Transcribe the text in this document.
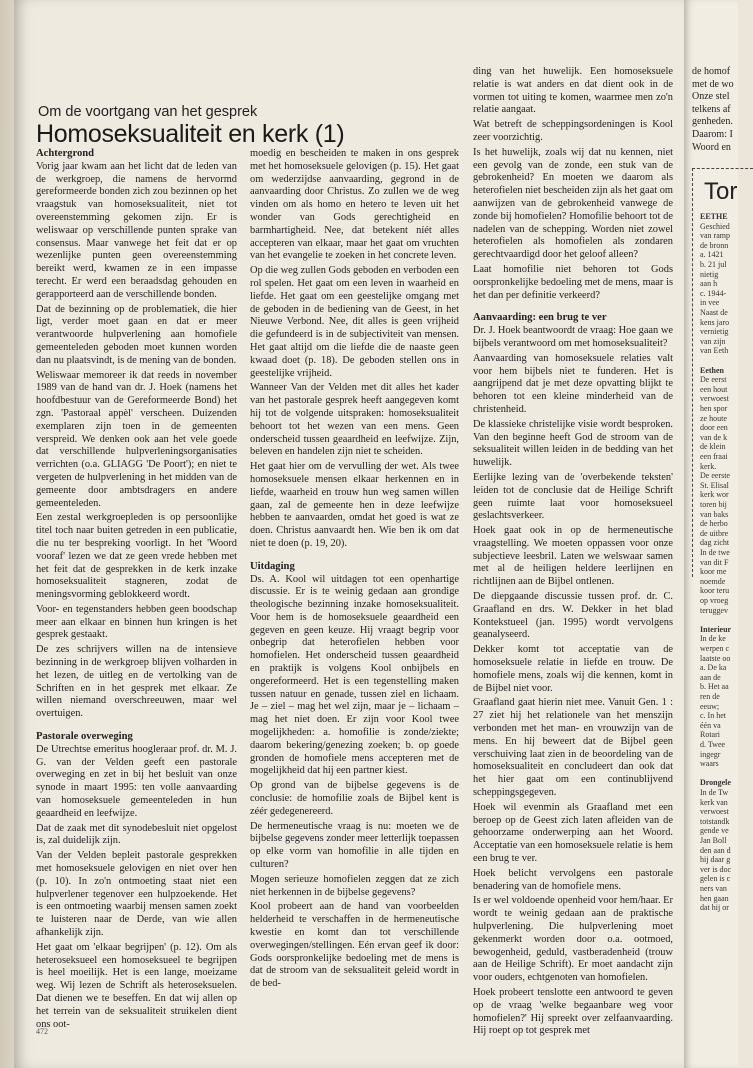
Om de voortgang van het gesprek
Homoseksualiteit en kerk (1)
Achtergrond

Vorig jaar kwam aan het licht dat de leden van de werkgroep, die namens de hervormd gereformeerde bonden zich zou bezinnen op het vraagstuk van homoseksualiteit, niet tot overeenstemming gekomen zijn. Er is weliswaar op verschillende punten sprake van consensus. Maar vanwege het feit dat er op wezenlijke punten geen overeenstemming bereikt werd, kwamen ze in een impasse terecht. Er werd een beraadsdag gehouden en gerapporteerd aan de verschillende bonden.

Dat de bezinning op de problematiek, die hier ligt, verder moet gaan en dat er meer verantwoorde hulpverlening aan homofiele gemeenteleden geboden moet kunnen worden dan nu plaatsvindt, is de mening van de bonden.

Weliswaar memoreer ik dat reeds in november 1989 van de hand van dr. J. Hoek (namens het hoofdbestuur van de Gereformeerde Bond) het zgn. 'Pastoraal appèl' verscheen. Duizenden exemplaren zijn toen in de gemeenten verspreid. We denken ook aan het vele goede dat verschillende hulpverleningsorganisaties verrichten (o.a. GLIAGG 'De Poort'); en niet te vergeten de hulpverlening in het midden van de gemeente door ambtsdragers en andere gemeenteleden.

Een zestal werkgroepleden is op persoonlijke titel toch naar buiten getreden in een publicatie, die nu ter bespreking voorligt. In het 'Woord vooraf' lezen we dat ze geen vrede hebben met het feit dat de gesprekken in de kerk inzake homoseksualiteit stagneren, zodat de meningsvorming geblokkeerd wordt.

Voor- en tegenstanders hebben geen boodschap meer aan elkaar en binnen hun kringen is het gesprek gestaakt.

De zes schrijvers willen na de intensieve bezinning in de werkgroep blijven volharden in het lezen, de uitleg en de vertolking van de Schriften en in het gesprek met elkaar. Ze willen niemand overschreeuwen, maar wel overtuigen.

Pastorale overweging

De Utrechtse emeritus hoogleraar prof. dr. M. J. G. van der Velden geeft een pastorale overweging en zet in bij het besluit van onze synode in maart 1995: ten volle aanvaarding van homoseksuele gemeenteleden in hun geaardheid en leefwijze.

Dat de zaak met dit synodebesluit niet opgelost is, zal duidelijk zijn.

Van der Velden bepleit pastorale gesprekken met homoseksuele gelovigen en niet over hen (p. 10). In zo'n ontmoeting staat niet een hulpverlener tegenover een hulpzoekende. Het is een ontmoeting waarbij mensen samen zoekt te luisteren naar de Derde, van wie allen afhankelijk zijn.

Het gaat om 'elkaar begrijpen' (p. 12). Om als heteroseksueel een homoseksueel te begrijpen is heel moeilijk. Het is een lange, moeizame weg. Wij lezen de Schrift als heteroseksuelen. Dat dienen we te beseffen. En dat wij allen op het terrein van de seksualiteit struikelen dient ons oot-

moedig en bescheiden te maken in ons gesprek met het homoseksuele gelovigen (p. 15). Het gaat om wederzijdse aanvaarding, gegrond in de aanvaarding door Christus. Zo zullen we de weg vinden om als homo en hetero te leven uit het wonder van Gods gerechtigheid en barmhartigheid. Nee, dat betekent níét alles accepteren van elkaar, maar het gaat om vruchten van het evangelie te zoeken in het concrete leven.

Op die weg zullen Gods geboden en verboden een rol spelen. Het gaat om een leven in waarheid en liefde. Het gaat om een geestelijke omgang met de geboden in de bediening van de Geest, in het Nieuwe Verbond. Nee, dit alles is geen vrijheid die gefundeerd is in de subjectiviteit van mensen. Het gaat altijd om die liefde die de naaste geen kwaad doet (p. 18). De geboden stellen ons in geestelijke vrijheid.

Wanneer Van der Velden met dit alles het kader van het pastorale gesprek heeft aangegeven komt hij tot de volgende uitspraken: homoseksualiteit behoort tot het wezen van een mens. Geen onderscheid tussen geaardheid en leefwijze. Zijn, beleven en handelen zijn niet te scheiden.

Het gaat hier om de vervulling der wet. Als twee homoseksuele mensen elkaar herkennen en in liefde, waarheid en trouw hun weg samen willen gaan, zal de gemeente hen in deze leefwijze hebben te aanvaarden, omdat het goed is wat ze doen. Christus aanvaardt hen. Wie ben ik om dat niet te doen (p. 19, 20).

Uitdaging

Ds. A. Kool wil uitdagen tot een openhartige discussie. Er is te weinig gedaan aan grondige theologische bezinning inzake homoseksualiteit. Voor hem is de homoseksuele geaardheid een gegeven en geen keuze. Hij vraagt begrip voor onbegrip dat heterofielen hebben voor homofielen. Het onderscheid tussen geaardheid en praktijk is volgens Kool onbijbels en ongereformeerd. Het is een tegenstelling maken tussen natuur en genade, tussen ziel en lichaam. Je – ziel – mag het wel zijn, maar je – lichaam – mag het niet doen. Er zijn voor Kool twee mogelijkheden: a. homofilie is zonde/ziekte; daarom bekering/genezing zoeken; b. op goede gronden de homofiele mens accepteren met de mogelijkheid dat hij een partner kiest.

Op grond van de bijbelse gegevens is de conclusie: de homofilie zoals de Bijbel kent is zéér gedegenereerd.

De hermeneutische vraag is nu: moeten we de bijbelse gegevens zonder meer letterlijk toepassen op elke vorm van homofilie in alle tijden en culturen?

Mogen serieuze homofielen zeggen dat ze zich niet herkennen in de bijbelse gegevens?

Kool probeert aan de hand van voorbeelden helderheid te verschaffen in de hermeneutische kwestie en komt dan tot verschillende overwegingen/stellingen. Eén ervan geef ik door: Gods oorspronkelijke bedoeling met de mens is dat de stroom van de seksualiteit geleid wordt in de bed-

ding van het huwelijk. Een homoseksuele relatie is wat anders en dat dient ook in de vormen tot uiting te komen, waarmee men zo'n relatie aangaat.

Wat betreft de scheppingsordeningen is Kool zeer voorzichtig.

Is het huwelijk, zoals wij dat nu kennen, niet een gevolg van de zonde, een stuk van de gebrokenheid? En moeten we daarom als heterofielen niet bescheiden zijn als het gaat om aanwijzen van de gebrokenheid vanwege de zonde bij homofielen? Homofilie behoort tot de nadelen van de schepping. Worden niet zowel heterofielen als homofielen als zondaren gerechtvaardigd door het geloof alleen?

Laat homofilie niet behoren tot Gods oorspronkelijke bedoeling met de mens, maar is het dan per definitie verkeerd?

Aanvaarding: een brug te ver

Dr. J. Hoek beantwoordt de vraag: Hoe gaan we bijbels verantwoord om met homoseksualiteit?

Aanvaarding van homoseksuele relaties valt voor hem bijbels niet te funderen. Het is aangrijpend dat je met deze opvatting blijkt te behoren tot een kleine minderheid van de christenheid.

De klassieke christelijke visie wordt besproken. Van den beginne heeft God de stroom van de seksualiteit willen leiden in de bedding van het huwelijk.

Eerlijke lezing van de 'overbekende teksten' leiden tot de conclusie dat de Heilige Schrift geen ruimte laat voor homoseksueel geslachtsverkeer.

Hoek gaat ook in op de hermeneutische vraagstelling. We moeten oppassen voor onze subjectieve leesbril. Laten we welswaar samen met al de heiligen heldere leerlijnen en richtlijnen aan de Bijbel ontlenen.

De diepgaande discussie tussen prof. dr. C. Graafland en drs. W. Dekker in het blad Kontekstueel (jan. 1995) wordt vervolgens geanalyseerd.

Dekker komt tot acceptatie van de homoseksuele relatie in liefde en trouw. De homofiele mens, zoals wij die kennen, komt in de Bijbel niet voor.

Graafland gaat hierin niet mee. Vanuit Gen. 1 : 27 ziet hij het relationele van het menszijn verbonden met het man- en vrouwzijn van de mens. En hij beweert dat de Bijbel geen verschuiving laat zien in de beoordeling van de homoseksualiteit en concludeert dan ook dat het hier gaat om een continublijvend scheppingsgegeven.

Hoek wil evenmin als Graafland met een beroep op de Geest zich laten afleiden van de gehoorzame onderwerping aan het Woord. Acceptatie van een homoseksuele relatie is hem een brug te ver.

Hoek belicht vervolgens een pastorale benadering van de homofiele mens.

Is er wel voldoende openheid voor hem/haar. Er wordt te weinig gedaan aan de praktische hulpverlening. Die hulpverlening moet gekenmerkt worden door o.a. ootmoed, bewogenheid, geduld, vastberadenheid (trouw aan de Heilige Schrift). Er moet aandacht zijn voor ouders, echtgenoten van homofielen.

Hoek probeert tenslotte een antwoord te geven op de vraag 'welke begaanbare weg voor homofielen?' Hij spreekt over zelfaanvaarding. Hij roept op tot gesprek met

472
de homof
met de wo
Onze stel
telkens af
genheden.
Daarom: I
Woord en
Tor
EETHE
Geschied
van ramp
de bronn
a. 1421
b. 21 jul
nietig
aan h
c. 1944-
in vee
Naast de
kens jaro
vernietig
van zijn
van Eeth
Eethen
De eerst
een hout
verwoest
hen spor
ze houte
door een
van de k
de klein
een fraai
kerk.
De eerste
St. Elisal
kerk wor
toren bij
van baks
de herbo
de uitbre
dag zicht
In de twe
van dit F
koor me
noemde
koor teru
op vroeg
teruggev
Interieur
In de ke
werpen c
laatste oo
a. De ka
aan de
b. Het aa
ren de
eeuw;
c. In het
één va
Rotari
d. Twee
ingegr
waars
Drongele
In de Tw
kerk van
verwoest
totstandk
gende ve
Jan Boll
den aan d
hij daar g
ver is doc
gelen is c
ners van
hen gaan
dat hij or
